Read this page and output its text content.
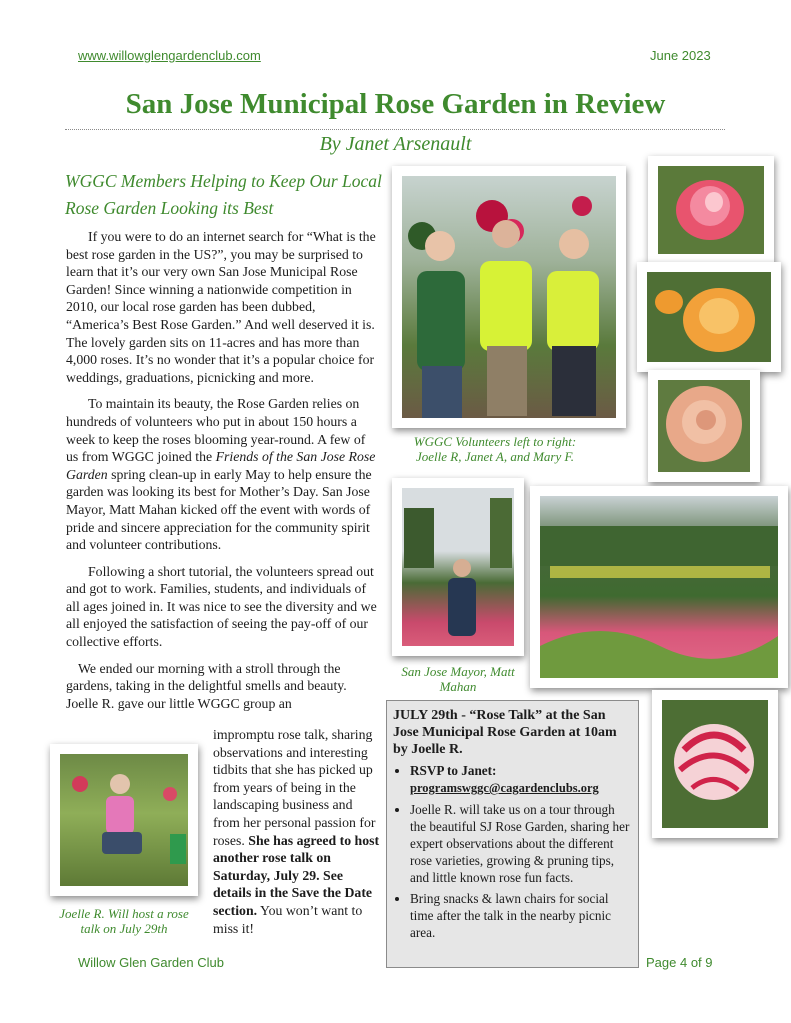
www.willowglengardenclub.com	June 2023
San Jose Municipal Rose Garden in Review
By Janet Arsenault
WGGC Members Helping to Keep Our Local Rose Garden Looking its Best

If you were to do an internet search for “What is the best rose garden in the US?”, you may be surprised to learn that it’s our very own San Jose Municipal Rose Garden! Since winning a nationwide competition in 2010, our local rose garden has been dubbed, “America’s Best Rose Garden.” And well deserved it is. The lovely garden sits on 11-acres and has more than 4,000 roses. It’s no wonder that it’s a popular choice for weddings, graduations, picnicking and more.

To maintain its beauty, the Rose Garden relies on hundreds of volunteers who put in about 150 hours a week to keep the roses blooming year-round. A few of us from WGGC joined the Friends of the San Jose Rose Garden spring clean-up in early May to help ensure the garden was looking its best for Mother’s Day. San Jose Mayor, Matt Mahan kicked off the event with words of pride and sincere appreciation for the community spirit and volunteer contributions.

Following a short tutorial, the volunteers spread out and got to work. Families, students, and individuals of all ages joined in. It was nice to see the diversity and we all enjoyed the satisfaction of seeing the pay-off of our collective efforts.

We ended our morning with a stroll through the gardens, taking in the delightful smells and beauty. Joelle R. gave our little WGGC group an

impromptu rose talk, sharing observations and interesting tidbits that she has picked up from years of being in the landscaping business and from her personal passion for roses. She has agreed to host another rose talk on Saturday, July 29. See details in the Save the Date section. You won’t want to miss it!
WGGC Volunteers left to right: Joelle R, Janet A, and Mary F.
San Jose Mayor, Matt Mahan
Joelle R. Will host a rose talk on July 29th
JULY 29th - “Rose Talk” at the San Jose Municipal Rose Garden at 10am by Joelle R.
• RSVP to Janet:
programswggc@cagardenclubs.org
• Joelle R. will take us on a tour through the beautiful SJ Rose Garden, sharing her expert observations about the different rose varieties, growing & pruning tips, and little known rose fun facts.
• Bring snacks & lawn chairs for social time after the talk in the nearby picnic area.
Willow Glen Garden Club	Page 4 of 9
